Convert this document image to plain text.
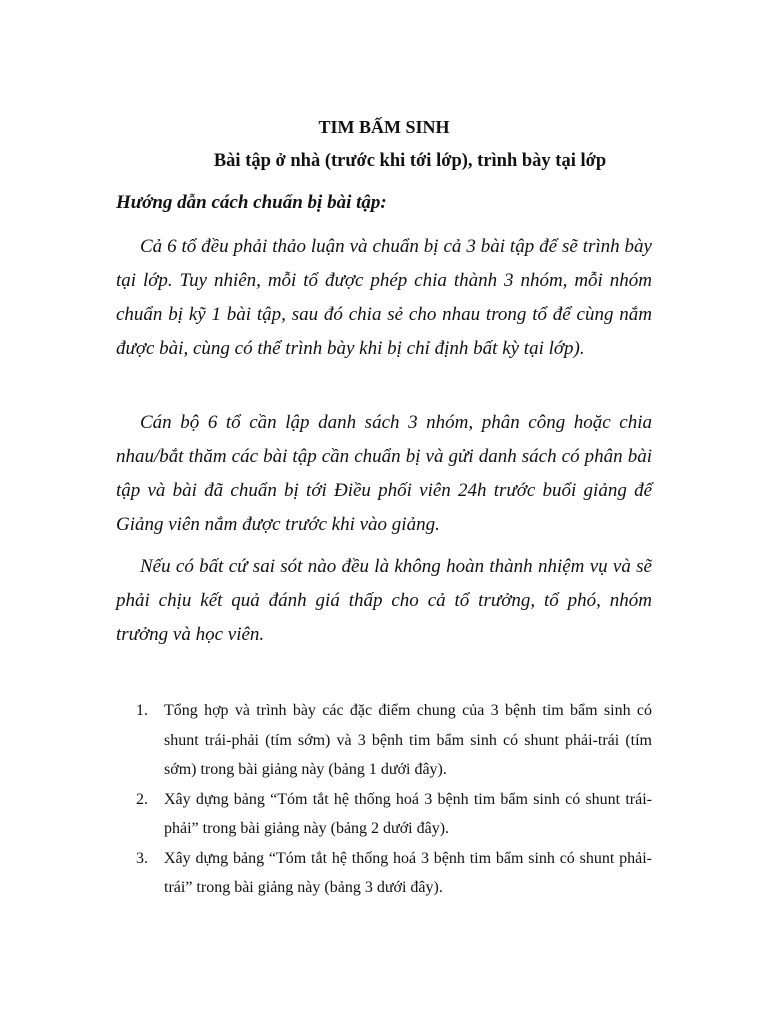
TIM BẤM SINH
Bài tập ở nhà (trước khi tới lớp), trình bày tại lớp
Hướng dẫn cách chuẩn bị bài tập:

Cả 6 tổ đều phải thảo luận và chuẩn bị cả 3 bài tập để sẽ trình bày tại lớp. Tuy nhiên, mỗi tổ được phép chia thành 3 nhóm, mỗi nhóm chuẩn bị kỹ 1 bài tập, sau đó chia sẻ cho nhau trong tổ để cùng nắm được bài, cùng có thể trình bày khi bị chỉ định bất kỳ tại lớp).

Cán bộ 6 tổ cần lập danh sách 3 nhóm, phân công hoặc chia nhau/bắt thăm các bài tập cần chuẩn bị và gửi danh sách có phân bài tập và bài đã chuẩn bị tới Điều phối viên 24h trước buổi giảng để Giảng viên nắm được trước khi vào giảng.

Nếu có bất cứ sai sót nào đều là không hoàn thành nhiệm vụ và sẽ phải chịu kết quả đánh giá thấp cho cả tổ trưởng, tổ phó, nhóm trưởng và học viên.

1.	Tổng hợp và trình bày các đặc điểm chung của 3 bệnh tim bẩm sinh có shunt trái-phải (tím sớm) và 3 bệnh tim bẩm sinh có shunt phải-trái (tím sớm) trong bài giảng này (bảng 1 dưới đây).
2.	Xây dựng bảng “Tóm tắt hệ thống hoá 3 bệnh tim bẩm sinh có shunt trái-phải” trong bài giảng này (bảng 2 dưới đây).
3.	Xây dựng bảng “Tóm tắt hệ thống hoá 3 bệnh tim bẩm sinh có shunt phải-trái” trong bài giảng này (bảng 3 dưới đây).
